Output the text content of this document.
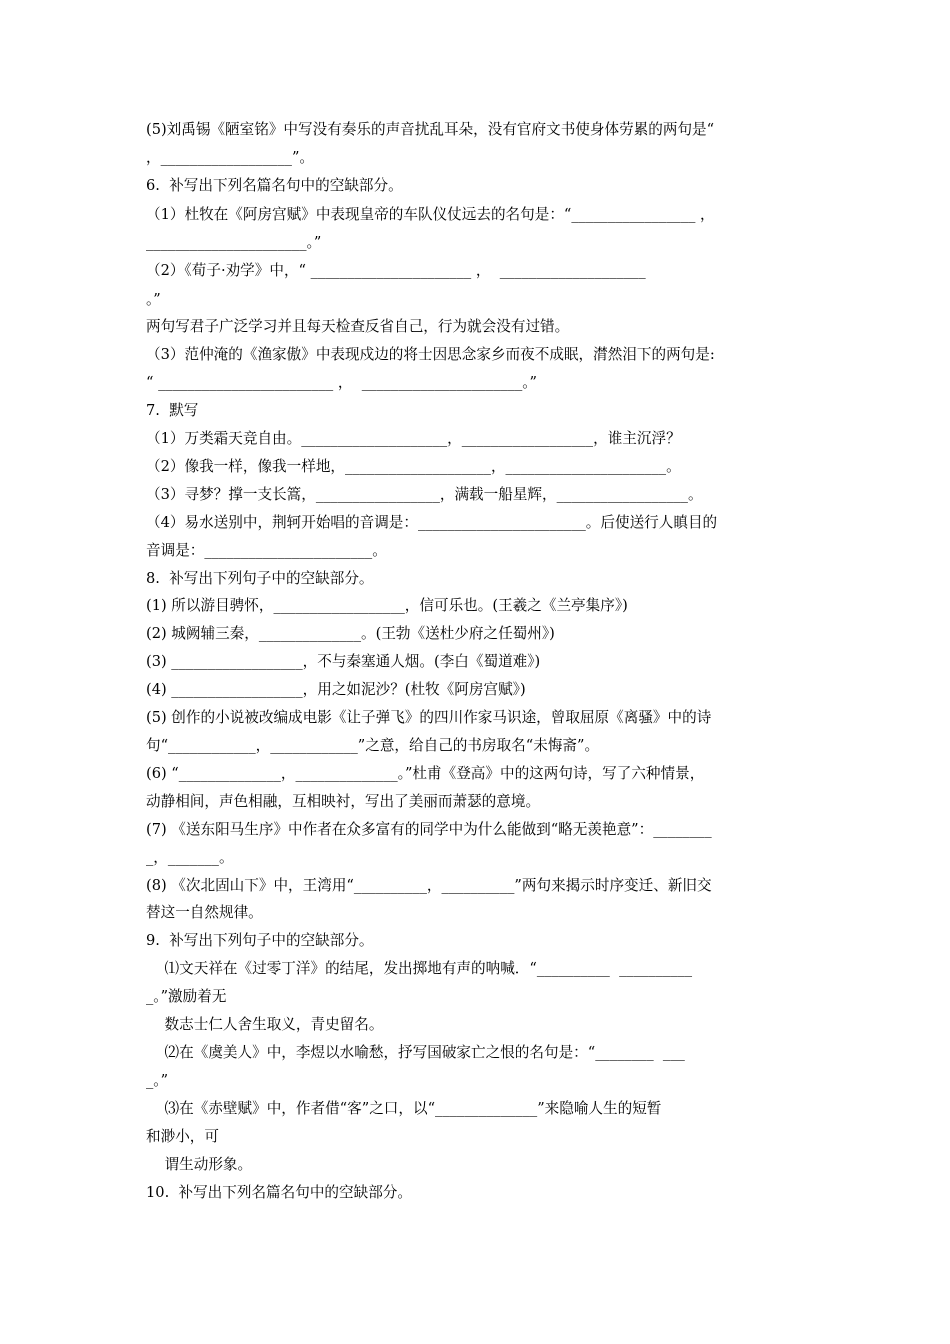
(5)刘禹锡《陋室铭》中写没有奏乐的声音扰乱耳朵，没有官府文书使身体劳累的两句是“
，__________________”。
6.  补写出下列名篇名句中的空缺部分。
（1）杜牧在《阿房宫赋》中表现皇帝的车队仪仗远去的名句是：“_________________ ，
______________________。”
（2）《荀子·劝学》中，“ ______________________ ，  ____________________
。”
两句写君子广泛学习并且每天检查反省自己，行为就会没有过错。
（3）范仲淹的《渔家傲》中表现戍边的将士因思念家乡而夜不成眠，潸然泪下的两句是:
“ ________________________ ，  ______________________。”
7.  默写
（1）万类霜天竞自由。____________________，__________________，谁主沉浮？
（2）像我一样，像我一样地，____________________，______________________。
（3）寻梦？撑一支长篙，_________________，满载一船星辉，__________________。
（4）易水送别中，荆轲开始唱的音调是：_______________________。后使送行人瞋目的
音调是：_______________________。
8.  补写出下列句子中的空缺部分。
(1) 所以游目骋怀，__________________，信可乐也。(王羲之《兰亭集序》)
(2) 城阙辅三秦，______________。(王勃《送杜少府之任蜀州》)
(3) __________________，不与秦塞通人烟。(李白《蜀道难》)
(4) __________________，用之如泥沙？(杜牧《阿房宫赋》)
(5) 创作的小说被改编成电影《让子弹飞》的四川作家马识途，曾取屈原《离骚》中的诗
句“____________，____________”之意，给自己的书房取名“未悔斋”。
(6) “______________，______________。”杜甫《登高》中的这两句诗，写了六种情景，
动静相间，声色相融，互相映衬，写出了美丽而萧瑟的意境。
(7) 《送东阳马生序》中作者在众多富有的同学中为什么能做到“略无羡艳意”：________
_，_______。
(8) 《次北固山下》中，王湾用“__________，__________”两句来揭示时序变迁、新旧交
替这一自然规律。
9.  补写出下列句子中的空缺部分。
⑴文天祥在《过零丁洋》的结尾，发出掷地有声的呐喊．“__________  __________
_。”激励着无
数志士仁人舍生取义，青史留名。
⑵在《虞美人》中，李煜以水喻愁，抒写国破家亡之恨的名句是：“________  ___
_。”
⑶在《赤壁赋》中，作者借“客”之口，以“______________”来隐喻人生的短暂
和渺小，可
谓生动形象。
10.  补写出下列名篇名句中的空缺部分。
